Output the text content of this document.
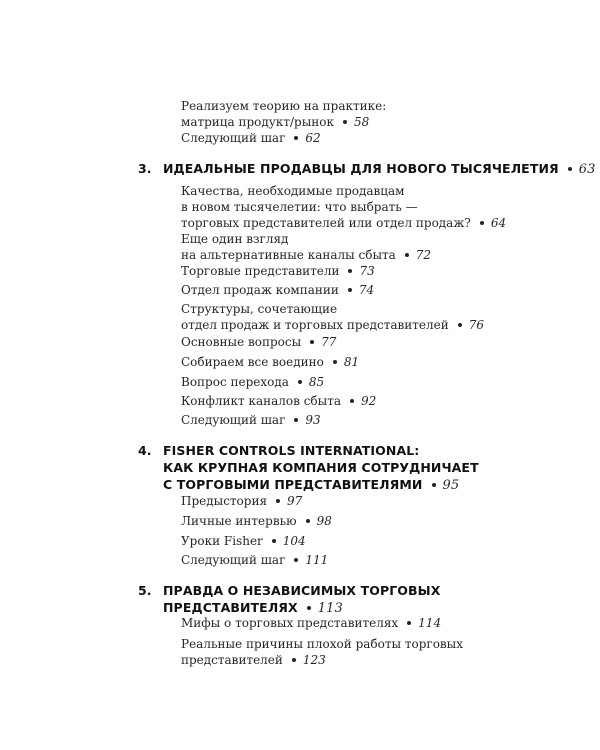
Реализуем теорию на практике:
матрица продукт/рынок 58
Следующий шаг 62
3. ИДЕАЛЬНЫЕ ПРОДАВЦЫ ДЛЯ НОВОГО ТЫСЯЧЕЛЕТИЯ 63
Качества, необходимые продавцам
в новом тысячелетии: что выбрать —
торговых представителей или отдел продаж? 64
Еще один взгляд
на альтернативные каналы сбыта 72
Торговые представители 73
Отдел продаж компании 74
Структуры, сочетающие
отдел продаж и торговых представителей 76
Основные вопросы 77
Собираем все воедино 81
Вопрос перехода 85
Конфликт каналов сбыта 92
Следующий шаг 93
4. FISHER CONTROLS INTERNATIONAL:
КАК КРУПНАЯ КОМПАНИЯ СОТРУДНИЧАЕТ
С ТОРГОВЫМИ ПРЕДСТАВИТЕЛЯМИ 95
Предыстория 97
Личные интервью 98
Уроки Fisher 104
Следующий шаг 111
5. ПРАВДА О НЕЗАВИСИМЫХ ТОРГОВЫХ
ПРЕДСТАВИТЕЛЯХ 113
Мифы о торговых представителях 114
Реальные причины плохой работы торговых
представителей 123
